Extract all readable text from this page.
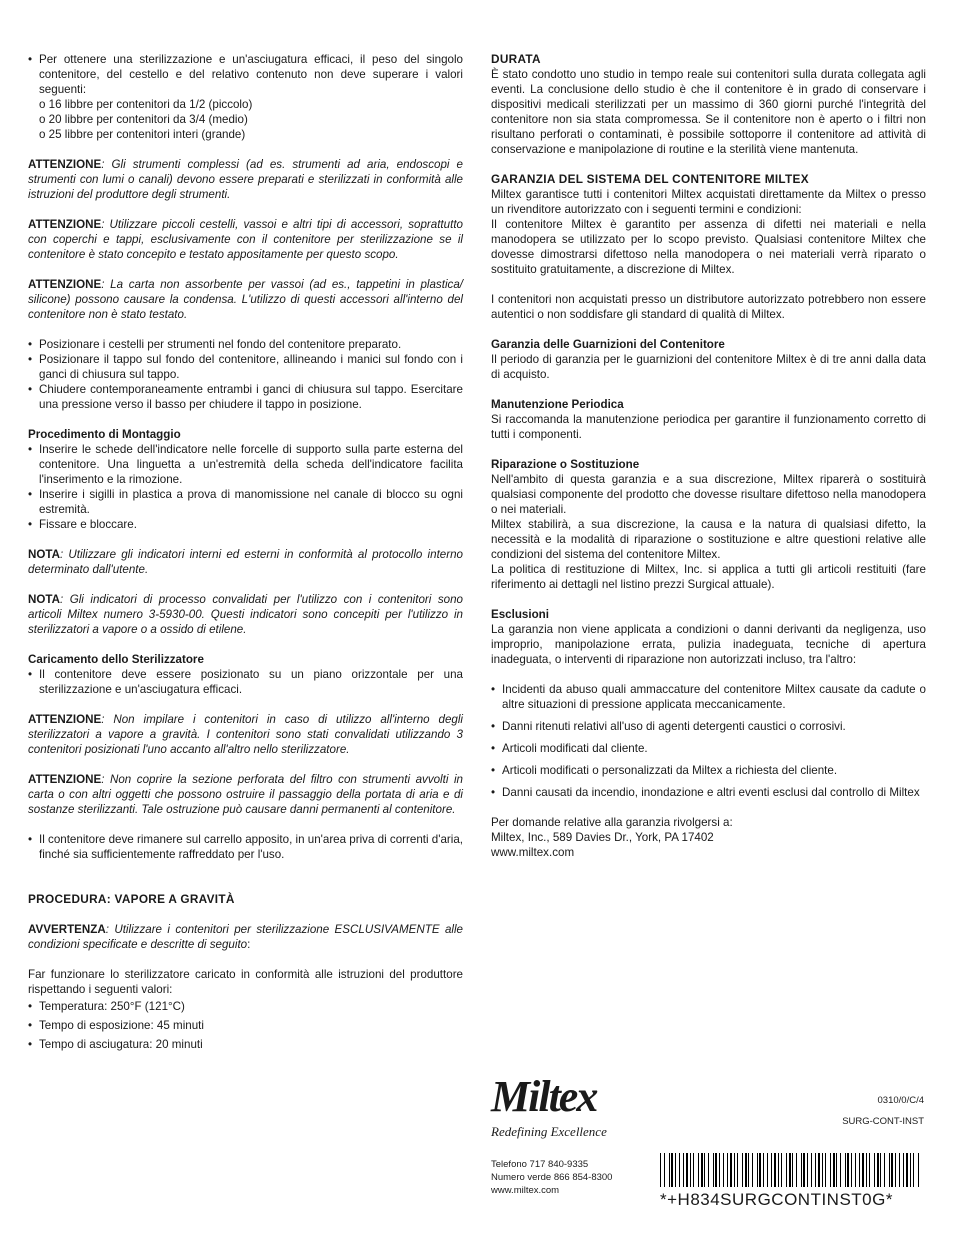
• Per ottenere una sterilizzazione e un'asciugatura efficaci, il peso del singolo contenitore, del cestello e del relativo contenuto non deve superare i valori seguenti:

o 16 libbre per contenitori da 1/2 (piccolo)
o 20 libbre per contenitori da 3/4 (medio)
o 25 libbre per contenitori interi (grande)

ATTENZIONE: Gli strumenti complessi (ad es. strumenti ad aria, endoscopi e strumenti con lumi o canali) devono essere preparati e sterilizzati in conformità alle istruzioni del produttore degli strumenti.

ATTENZIONE: Utilizzare piccoli cestelli, vassoi e altri tipi di accessori, soprattutto con coperchi e tappi, esclusivamente con il contenitore per sterilizzazione se il contenitore è stato concepito e testato appositamente per questo scopo.

ATTENZIONE: La carta non assorbente per vassoi (ad es., tappetini in plastica/ silicone) possono causare la condensa. L'utilizzo di questi accessori all'interno del contenitore non è stato testato.

• Posizionare i cestelli per strumenti nel fondo del contenitore preparato.

• Posizionare il tappo sul fondo del contenitore, allineando i manici sul fondo con i ganci di chiusura sul tappo.

• Chiudere contemporaneamente entrambi i ganci di chiusura sul tappo. Esercitare una pressione verso il basso per chiudere il tappo in posizione.

Procedimento di Montaggio

• Inserire le schede dell'indicatore nelle forcelle di supporto sulla parte esterna del contenitore. Una linguetta a un'estremità della scheda dell'indicatore facilita l'inserimento e la rimozione.

• Inserire i sigilli in plastica a prova di manomissione nel canale di blocco su ogni estremità.

• Fissare e bloccare.

NOTA: Utilizzare gli indicatori interni ed esterni in conformità al protocollo interno determinato dall'utente.

NOTA: Gli indicatori di processo convalidati per l'utilizzo con i contenitori sono articoli Miltex numero 3-5930-00. Questi indicatori sono concepiti per l'utilizzo in sterilizzatori a vapore o a ossido di etilene.

Caricamento dello Sterilizzatore

• Il contenitore deve essere posizionato su un piano orizzontale per una sterilizzazione e un'asciugatura efficaci.

ATTENZIONE: Non impilare i contenitori in caso di utilizzo all'interno degli sterilizzatori a vapore a gravità. I contenitori sono stati convalidati utilizzando 3 contenitori posizionati l'uno accanto all'altro nello sterilizzatore.

ATTENZIONE: Non coprire la sezione perforata del filtro con strumenti avvolti in carta o con altri oggetti che possono ostruire il passaggio della portata di aria e di sostanze sterilizzanti. Tale ostruzione può causare danni permanenti al contenitore.

• Il contenitore deve rimanere sul carrello apposito, in un'area priva di correnti d'aria, finché sia sufficientemente raffreddato per l'uso.

PROCEDURA: VAPORE A GRAVITÀ

AVVERTENZA: Utilizzare i contenitori per sterilizzazione ESCLUSIVAMENTE alle condizioni specificate e descritte di seguito:

Far funzionare lo sterilizzatore caricato in conformità alle istruzioni del produttore rispettando i seguenti valori:

• Temperatura: 250°F (121°C)

• Tempo di esposizione: 45 minuti

• Tempo di asciugatura: 20 minuti

DURATA

È stato condotto uno studio in tempo reale sui contenitori sulla durata collegata agli eventi. La conclusione dello studio è che il contenitore è in grado di conservare i dispositivi medicali sterilizzati per un massimo di 360 giorni purché l'integrità del contenitore non sia stata compromessa. Se il contenitore non è aperto o i filtri non risultano perforati o contaminati, è possibile sottoporre il contenitore ad attività di conservazione e manipolazione di routine e la sterilità viene mantenuta.

GARANZIA DEL SISTEMA DEL CONTENITORE MILTEX

Miltex garantisce tutti i contenitori Miltex acquistati direttamente da Miltex o presso un rivenditore autorizzato con i seguenti termini e condizioni:

Il contenitore Miltex è garantito per assenza di difetti nei materiali e nella manodopera se utilizzato per lo scopo previsto. Qualsiasi contenitore Miltex che dovesse dimostrarsi difettoso nella manodopera o nei materiali verrà riparato o sostituito gratuitamente, a discrezione di Miltex.

I contenitori non acquistati presso un distributore autorizzato potrebbero non essere autentici o non soddisfare gli standard di qualità di Miltex.

Garanzia delle Guarnizioni del Contenitore

Il periodo di garanzia per le guarnizioni del contenitore Miltex è di tre anni dalla data di acquisto.

Manutenzione Periodica

Si raccomanda la manutenzione periodica per garantire il funzionamento corretto di tutti i componenti.

Riparazione o Sostituzione

Nell'ambito di questa garanzia e a sua discrezione, Miltex riparerà o sostituirà qualsiasi componente del prodotto che dovesse risultare difettoso nella manodopera o nei materiali.

Miltex stabilirà, a sua discrezione, la causa e la natura di qualsiasi difetto, la necessità e la modalità di riparazione o sostituzione e altre questioni relative alle condizioni del sistema del contenitore Miltex.

La politica di restituzione di Miltex, Inc. si applica a tutti gli articoli restituiti (fare riferimento ai dettagli nel listino prezzi Surgical attuale).

Esclusioni

La garanzia non viene applicata a condizioni o danni derivanti da negligenza, uso improprio, manipolazione errata, pulizia inadeguata, tecniche di apertura inadeguata, o interventi di riparazione non autorizzati incluso, tra l'altro:

• Incidenti da abuso quali ammaccature del contenitore Miltex causate da cadute o altre situazioni di pressione applicata meccanicamente.

• Danni ritenuti relativi all'uso di agenti detergenti caustici o corrosivi.

• Articoli modificati dal cliente.

• Articoli modificati o personalizzati da Miltex a richiesta del cliente.

• Danni causati da incendio, inondazione e altri eventi esclusi dal controllo di Miltex

Per domande relative alla garanzia rivolgersi a:
Miltex, Inc., 589 Davies Dr., York, PA 17402
www.miltex.com
Miltex
Redefining Excellence
Telefono 717 840-9335
Numero verde 866 854-8300
www.miltex.com
0310/0/C/4
SURG-CONT-INST
*+H834SURGCONTINST0G*
